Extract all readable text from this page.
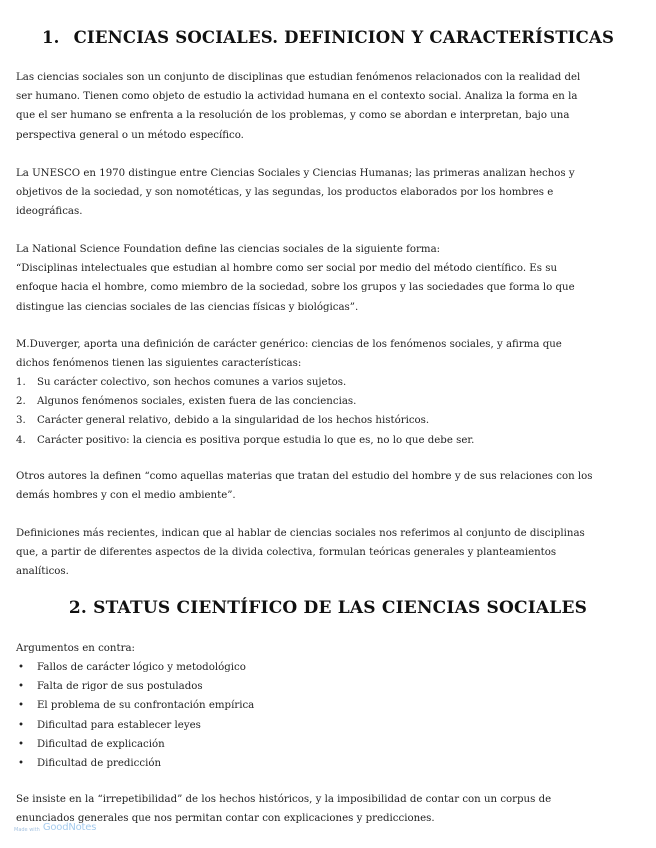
1. CIENCIAS SOCIALES. DEFINICION Y CARACTERÍSTICAS

Las ciencias sociales son un conjunto de disciplinas que estudian fenómenos relacionados con la realidad del
ser humano. Tienen como objeto de estudio la actividad humana en el contexto social. Analiza la forma en la
que el ser humano se enfrenta a la resolución de los problemas, y como se abordan e interpretan, bajo una
perspectiva general o un método específico.

La UNESCO en 1970 distingue entre Ciencias Sociales y Ciencias Humanas; las primeras analizan hechos y
objetivos de la sociedad, y son nomotéticas, y las segundas, los productos elaborados por los hombres e
ideográficas.

La National Science Foundation define las ciencias sociales de la siguiente forma:
“Disciplinas intelectuales que estudian al hombre como ser social por medio del método científico. Es su
enfoque hacia el hombre, como miembro de la sociedad, sobre los grupos y las sociedades que forma lo que
distingue las ciencias sociales de las ciencias físicas y biológicas”.

M.Duverger, aporta una definición de carácter genérico: ciencias de los fenómenos sociales, y afirma que
dichos fenómenos tienen las siguientes características:

1. Su carácter colectivo, son hechos comunes a varios sujetos.
2. Algunos fenómenos sociales, existen fuera de las conciencias.
3. Carácter general relativo, debido a la singularidad de los hechos históricos.
4. Carácter positivo: la ciencia es positiva porque estudia lo que es, no lo que debe ser.

Otros autores la definen “como aquellas materias que tratan del estudio del hombre y de sus relaciones con los
demás hombres y con el medio ambiente”.

Definiciones más recientes, indican que al hablar de ciencias sociales nos referimos al conjunto de disciplinas
que, a partir de diferentes aspectos de la divida colectiva, formulan teóricas generales y planteamientos
analíticos.

2. STATUS CIENTÍFICO DE LAS CIENCIAS SOCIALES

Argumentos en contra:

• Fallos de carácter lógico y metodológico
• Falta de rigor de sus postulados
• El problema de su confrontación empírica
• Dificultad para establecer leyes
• Dificultad de explicación
• Dificultad de predicción

Se insiste en la “irrepetibilidad” de los hechos históricos, y la imposibilidad de contar con un corpus de
enunciados generales que nos permitan contar con explicaciones y predicciones.

Made with GoodNotes
